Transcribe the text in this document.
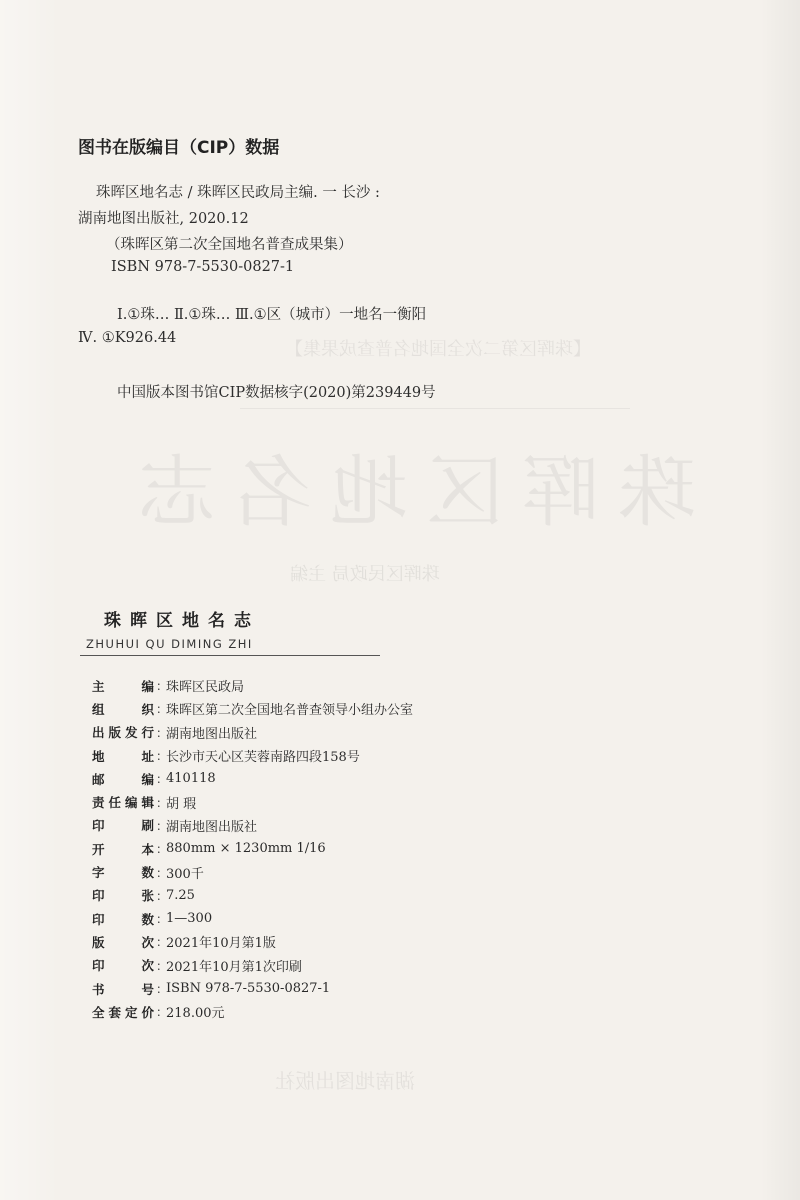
【珠晖区第二次全国地名普查成果集】
珠晖区地名志
珠晖区民政局 主编
湖南地图出版社
图书在版编目（CIP）数据

珠晖区地名志 / 珠晖区民政局主编. 一 长沙 :

湖南地图出版社, 2020.12

（珠晖区第二次全国地名普查成果集）

ISBN 978-7-5530-0827-1

Ⅰ.①珠… Ⅱ.①珠… Ⅲ.①区（城市）一地名一衡阳

Ⅳ. ①K926.44

中国版本图书馆CIP数据核字(2020)第239449号

珠晖区地名志

ZHUHUI QU DIMING ZHI

主编 ：
珠晖区民政局
组织 ：
珠晖区第二次全国地名普查领导小组办公室
出版发行 ：
湖南地图出版社
地址 ：
长沙市天心区芙蓉南路四段158号
邮编 ：
410118
责任编辑 ：
胡 瑕
印刷 ：
湖南地图出版社
开本 ：
880mm × 1230mm 1/16
字数 ：
300千
印张 ：
7.25
印数 ：
1—300
版次 ：
2021年10月第1版
印次 ：
2021年10月第1次印刷
书号 ：
ISBN 978-7-5530-0827-1
全套定价 ：
218.00元
